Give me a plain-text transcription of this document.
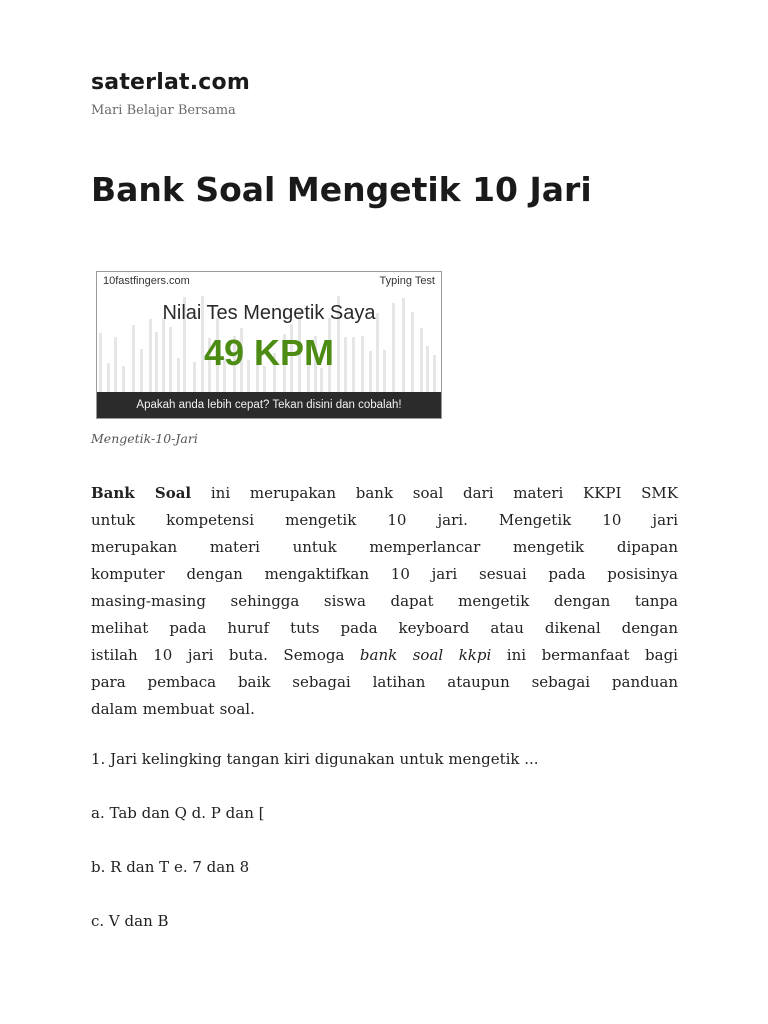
saterlat.com

Mari Belajar Bersama

Bank Soal Mengetik 10 Jari
10fastfingers.com	Typing Test
Nilai Tes Mengetik Saya
49 KPM
Apakah anda lebih cepat? Tekan disini dan cobalah!

Mengetik-10-Jari

Bank Soal ini merupakan bank soal dari materi KKPI SMK
untuk kompetensi mengetik 10 jari. Mengetik 10 jari
merupakan materi untuk memperlancar mengetik dipapan
komputer dengan mengaktifkan 10 jari sesuai pada posisinya
masing-masing sehingga siswa dapat mengetik dengan tanpa
melihat pada huruf tuts pada keyboard atau dikenal dengan
istilah 10 jari buta. Semoga bank soal kkpi ini bermanfaat bagi
para pembaca baik sebagai latihan ataupun sebagai panduan
dalam membuat soal.

1. Jari kelingking tangan kiri digunakan untuk mengetik ...

a. Tab dan Q d. P dan [

b. R dan T e. 7 dan 8

c. V dan B
